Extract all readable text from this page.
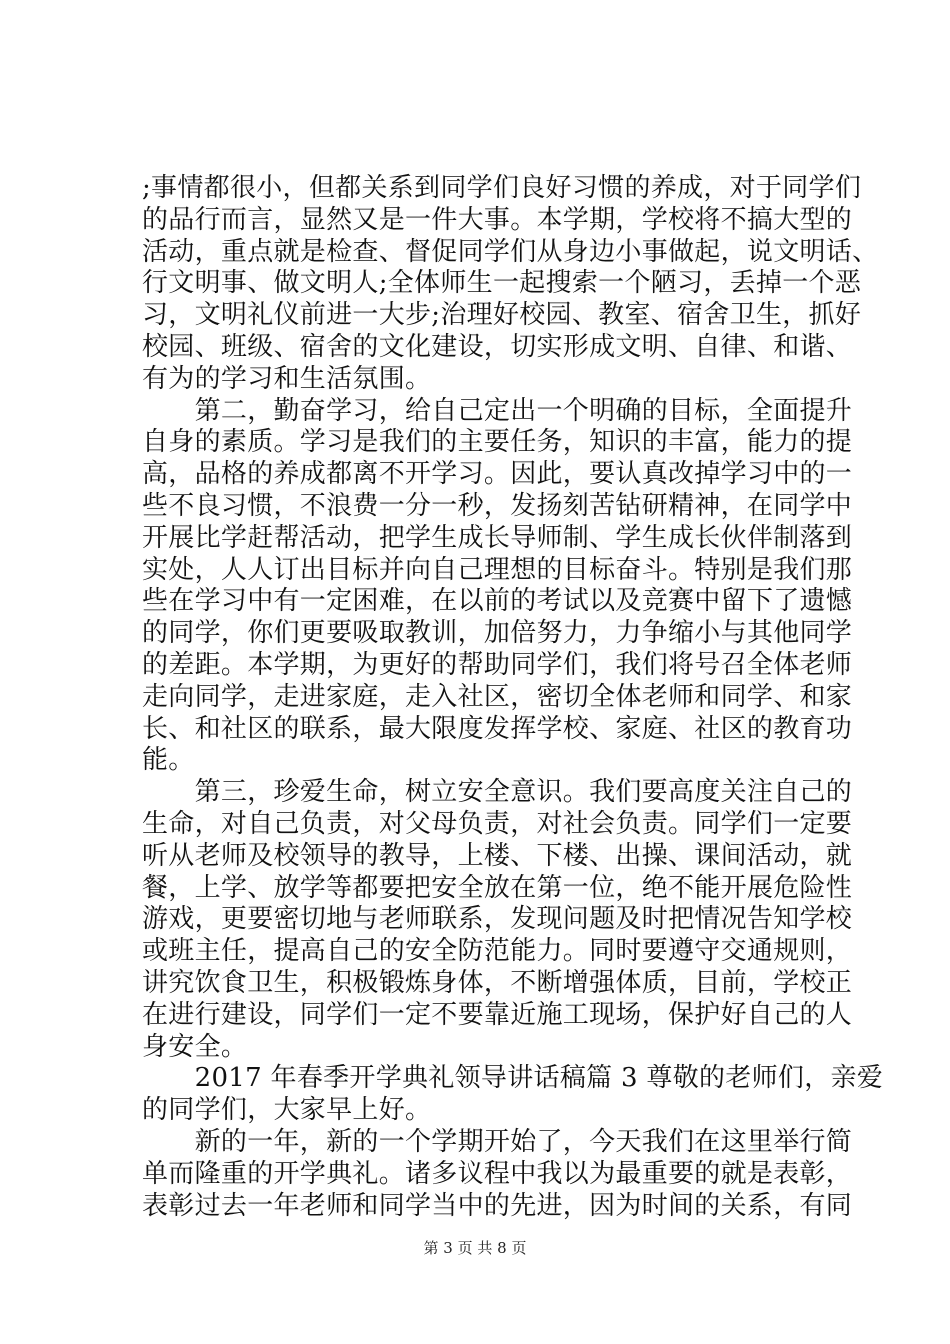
;事情都很小，但都关系到同学们良好习惯的养成，对于同学们
的品行而言，显然又是一件大事。本学期，学校将不搞大型的
活动，重点就是检查、督促同学们从身边小事做起，说文明话、
行文明事、做文明人;全体师生一起搜索一个陋习，丢掉一个恶
习，文明礼仪前进一大步;治理好校园、教室、宿舍卫生，抓好
校园、班级、宿舍的文化建设，切实形成文明、自律、和谐、
有为的学习和生活氛围。
　　第二，勤奋学习，给自己定出一个明确的目标，全面提升
自身的素质。学习是我们的主要任务，知识的丰富，能力的提
高，品格的养成都离不开学习。因此，要认真改掉学习中的一
些不良习惯，不浪费一分一秒，发扬刻苦钻研精神，在同学中
开展比学赶帮活动，把学生成长导师制、学生成长伙伴制落到
实处，人人订出目标并向自己理想的目标奋斗。特别是我们那
些在学习中有一定困难，在以前的考试以及竞赛中留下了遗憾
的同学，你们更要吸取教训，加倍努力，力争缩小与其他同学
的差距。本学期，为更好的帮助同学们，我们将号召全体老师
走向同学，走进家庭，走入社区，密切全体老师和同学、和家
长、和社区的联系，最大限度发挥学校、家庭、社区的教育功
能。
　　第三，珍爱生命，树立安全意识。我们要高度关注自己的
生命，对自己负责，对父母负责，对社会负责。同学们一定要
听从老师及校领导的教导，上楼、下楼、出操、课间活动，就
餐，上学、放学等都要把安全放在第一位，绝不能开展危险性
游戏，更要密切地与老师联系，发现问题及时把情况告知学校
或班主任，提高自己的安全防范能力。同时要遵守交通规则，
讲究饮食卫生，积极锻炼身体，不断增强体质，目前，学校正
在进行建设，同学们一定不要靠近施工现场，保护好自己的人
身安全。
　　2017 年春季开学典礼领导讲话稿篇 3 尊敬的老师们，亲爱
的同学们，大家早上好。
　　新的一年，新的一个学期开始了，今天我们在这里举行简
单而隆重的开学典礼。诸多议程中我以为最重要的就是表彰，
表彰过去一年老师和同学当中的先进，因为时间的关系，有同
第 3 页 共 8 页
